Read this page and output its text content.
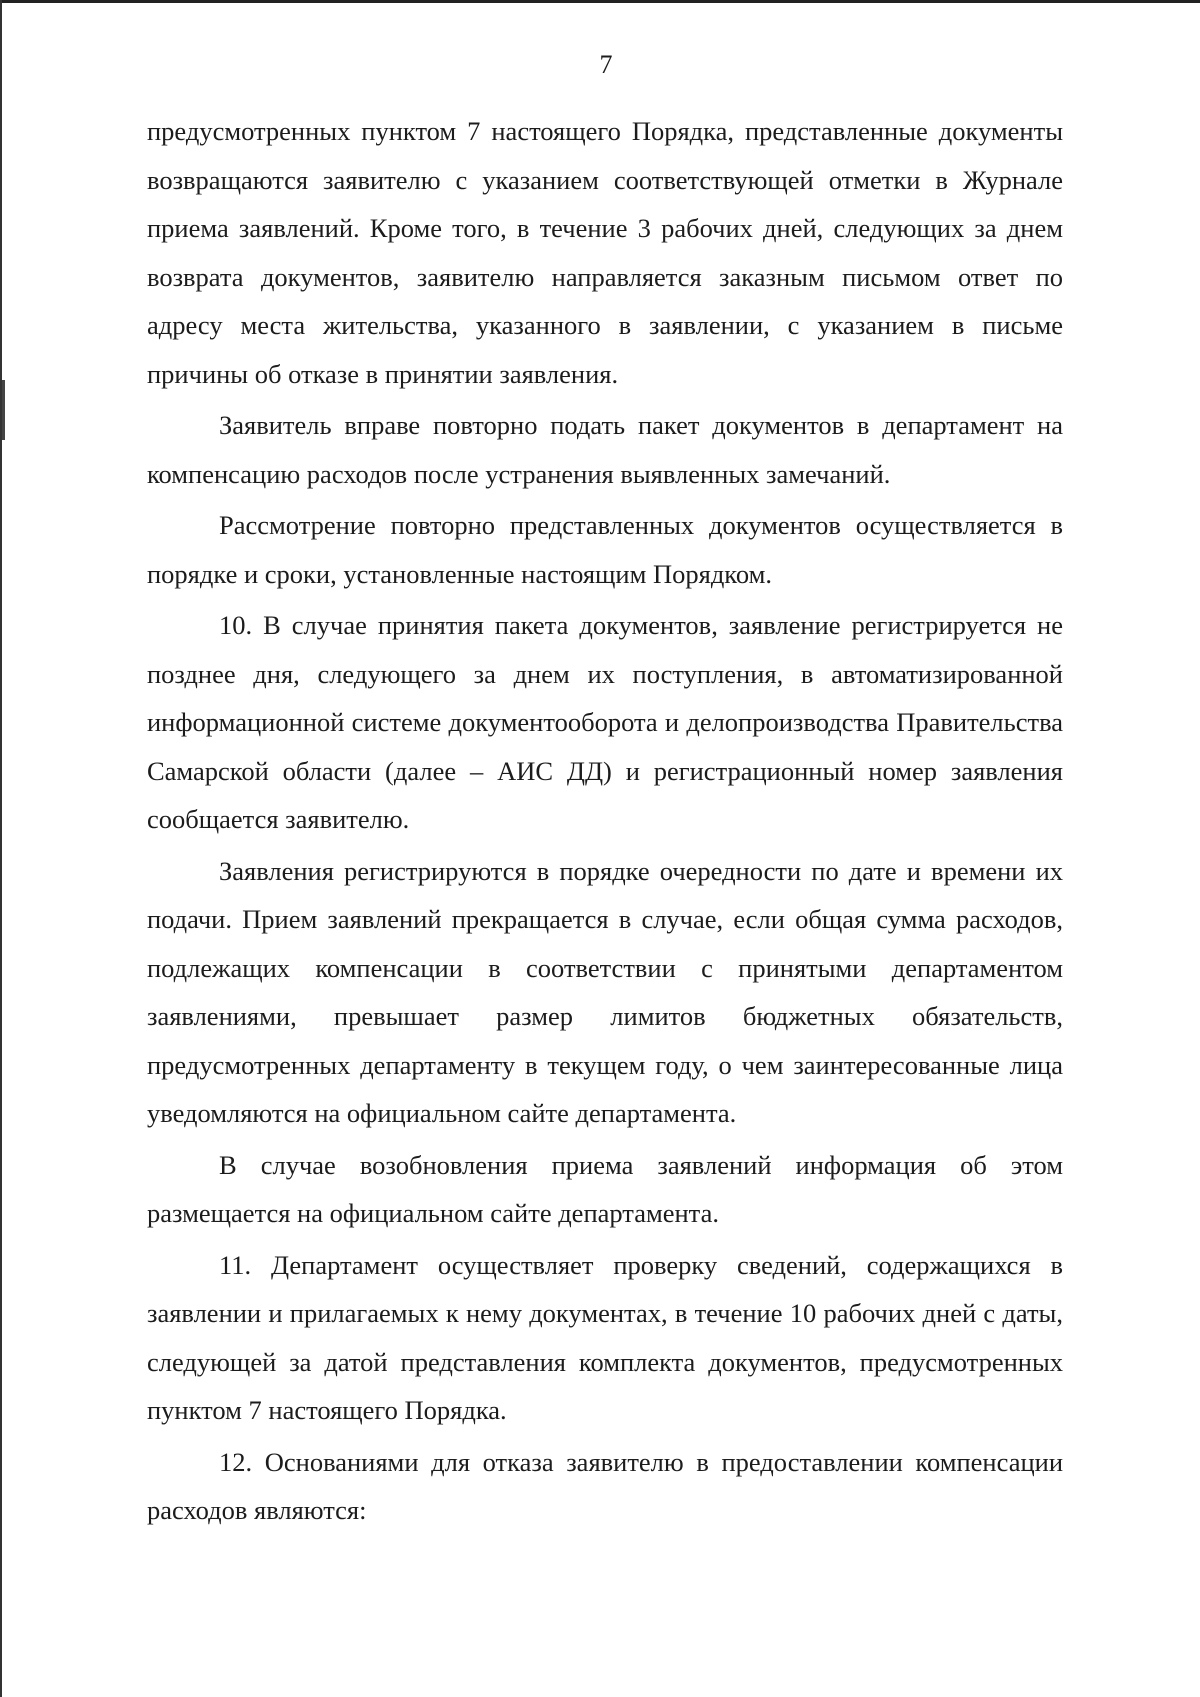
7

предусмотренных пунктом 7 настоящего Порядка, представленные документы возвращаются заявителю с указанием соответствующей отметки в Журнале приема заявлений. Кроме того, в течение 3 рабочих дней, следующих за днем возврата документов, заявителю направляется заказным письмом ответ по адресу места жительства, указанного в заявлении, с указанием в письме причины об отказе в принятии заявления.

Заявитель вправе повторно подать пакет документов в департамент на компенсацию расходов после устранения выявленных замечаний.

Рассмотрение повторно представленных документов осуществляется в порядке и сроки, установленные настоящим Порядком.

10. В случае принятия пакета документов, заявление регистрируется не позднее дня, следующего за днем их поступления, в автоматизированной информационной системе документооборота и делопроизводства Правительства Самарской области (далее – АИС ДД) и регистрационный номер заявления сообщается заявителю.

Заявления регистрируются в порядке очередности по дате и времени их подачи. Прием заявлений прекращается в случае, если общая сумма расходов, подлежащих компенсации в соответствии с принятыми департаментом заявлениями, превышает размер лимитов бюджетных обязательств, предусмотренных департаменту в текущем году, о чем заинтересованные лица уведомляются на официальном сайте департамента.

В случае возобновления приема заявлений информация об этом размещается на официальном сайте департамента.

11. Департамент осуществляет проверку сведений, содержащихся в заявлении и прилагаемых к нему документах, в течение 10 рабочих дней с даты, следующей за датой представления комплекта документов, предусмотренных пунктом 7 настоящего Порядка.

12. Основаниями для отказа заявителю в предоставлении компенсации расходов являются:
